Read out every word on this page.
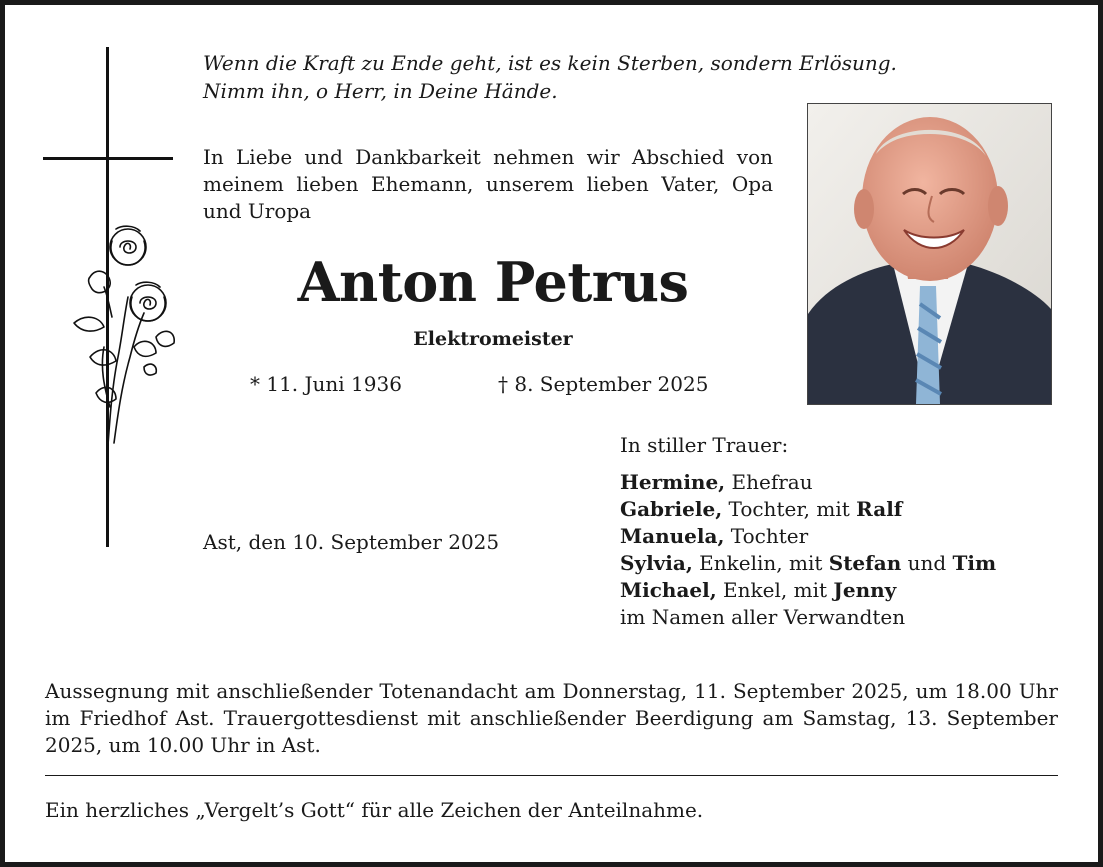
Wenn die Kraft zu Ende geht, ist es kein Sterben, sondern Erlösung.
Nimm ihn, o Herr, in Deine Hände.
In Liebe und Dankbarkeit nehmen wir Abschied von meinem lieben Ehemann, unserem lieben Vater, Opa und Uropa
Anton Petrus
Elektromeister
* 11. Juni 1936	† 8. September 2025
In stiller Trauer:
Hermine, Ehefrau
Gabriele, Tochter, mit Ralf
Manuela, Tochter
Sylvia, Enkelin, mit Stefan und Tim
Michael, Enkel, mit Jenny
im Namen aller Verwandten
Ast, den 10. September 2025
Aussegnung mit anschließender Totenandacht am Donnerstag, 11. September 2025, um 18.00 Uhr im Friedhof Ast. Trauergottesdienst mit anschließender Beerdigung am Samstag, 13. September 2025, um 10.00 Uhr in Ast.
Ein herzliches „Vergelt’s Gott“ für alle Zeichen der Anteilnahme.
